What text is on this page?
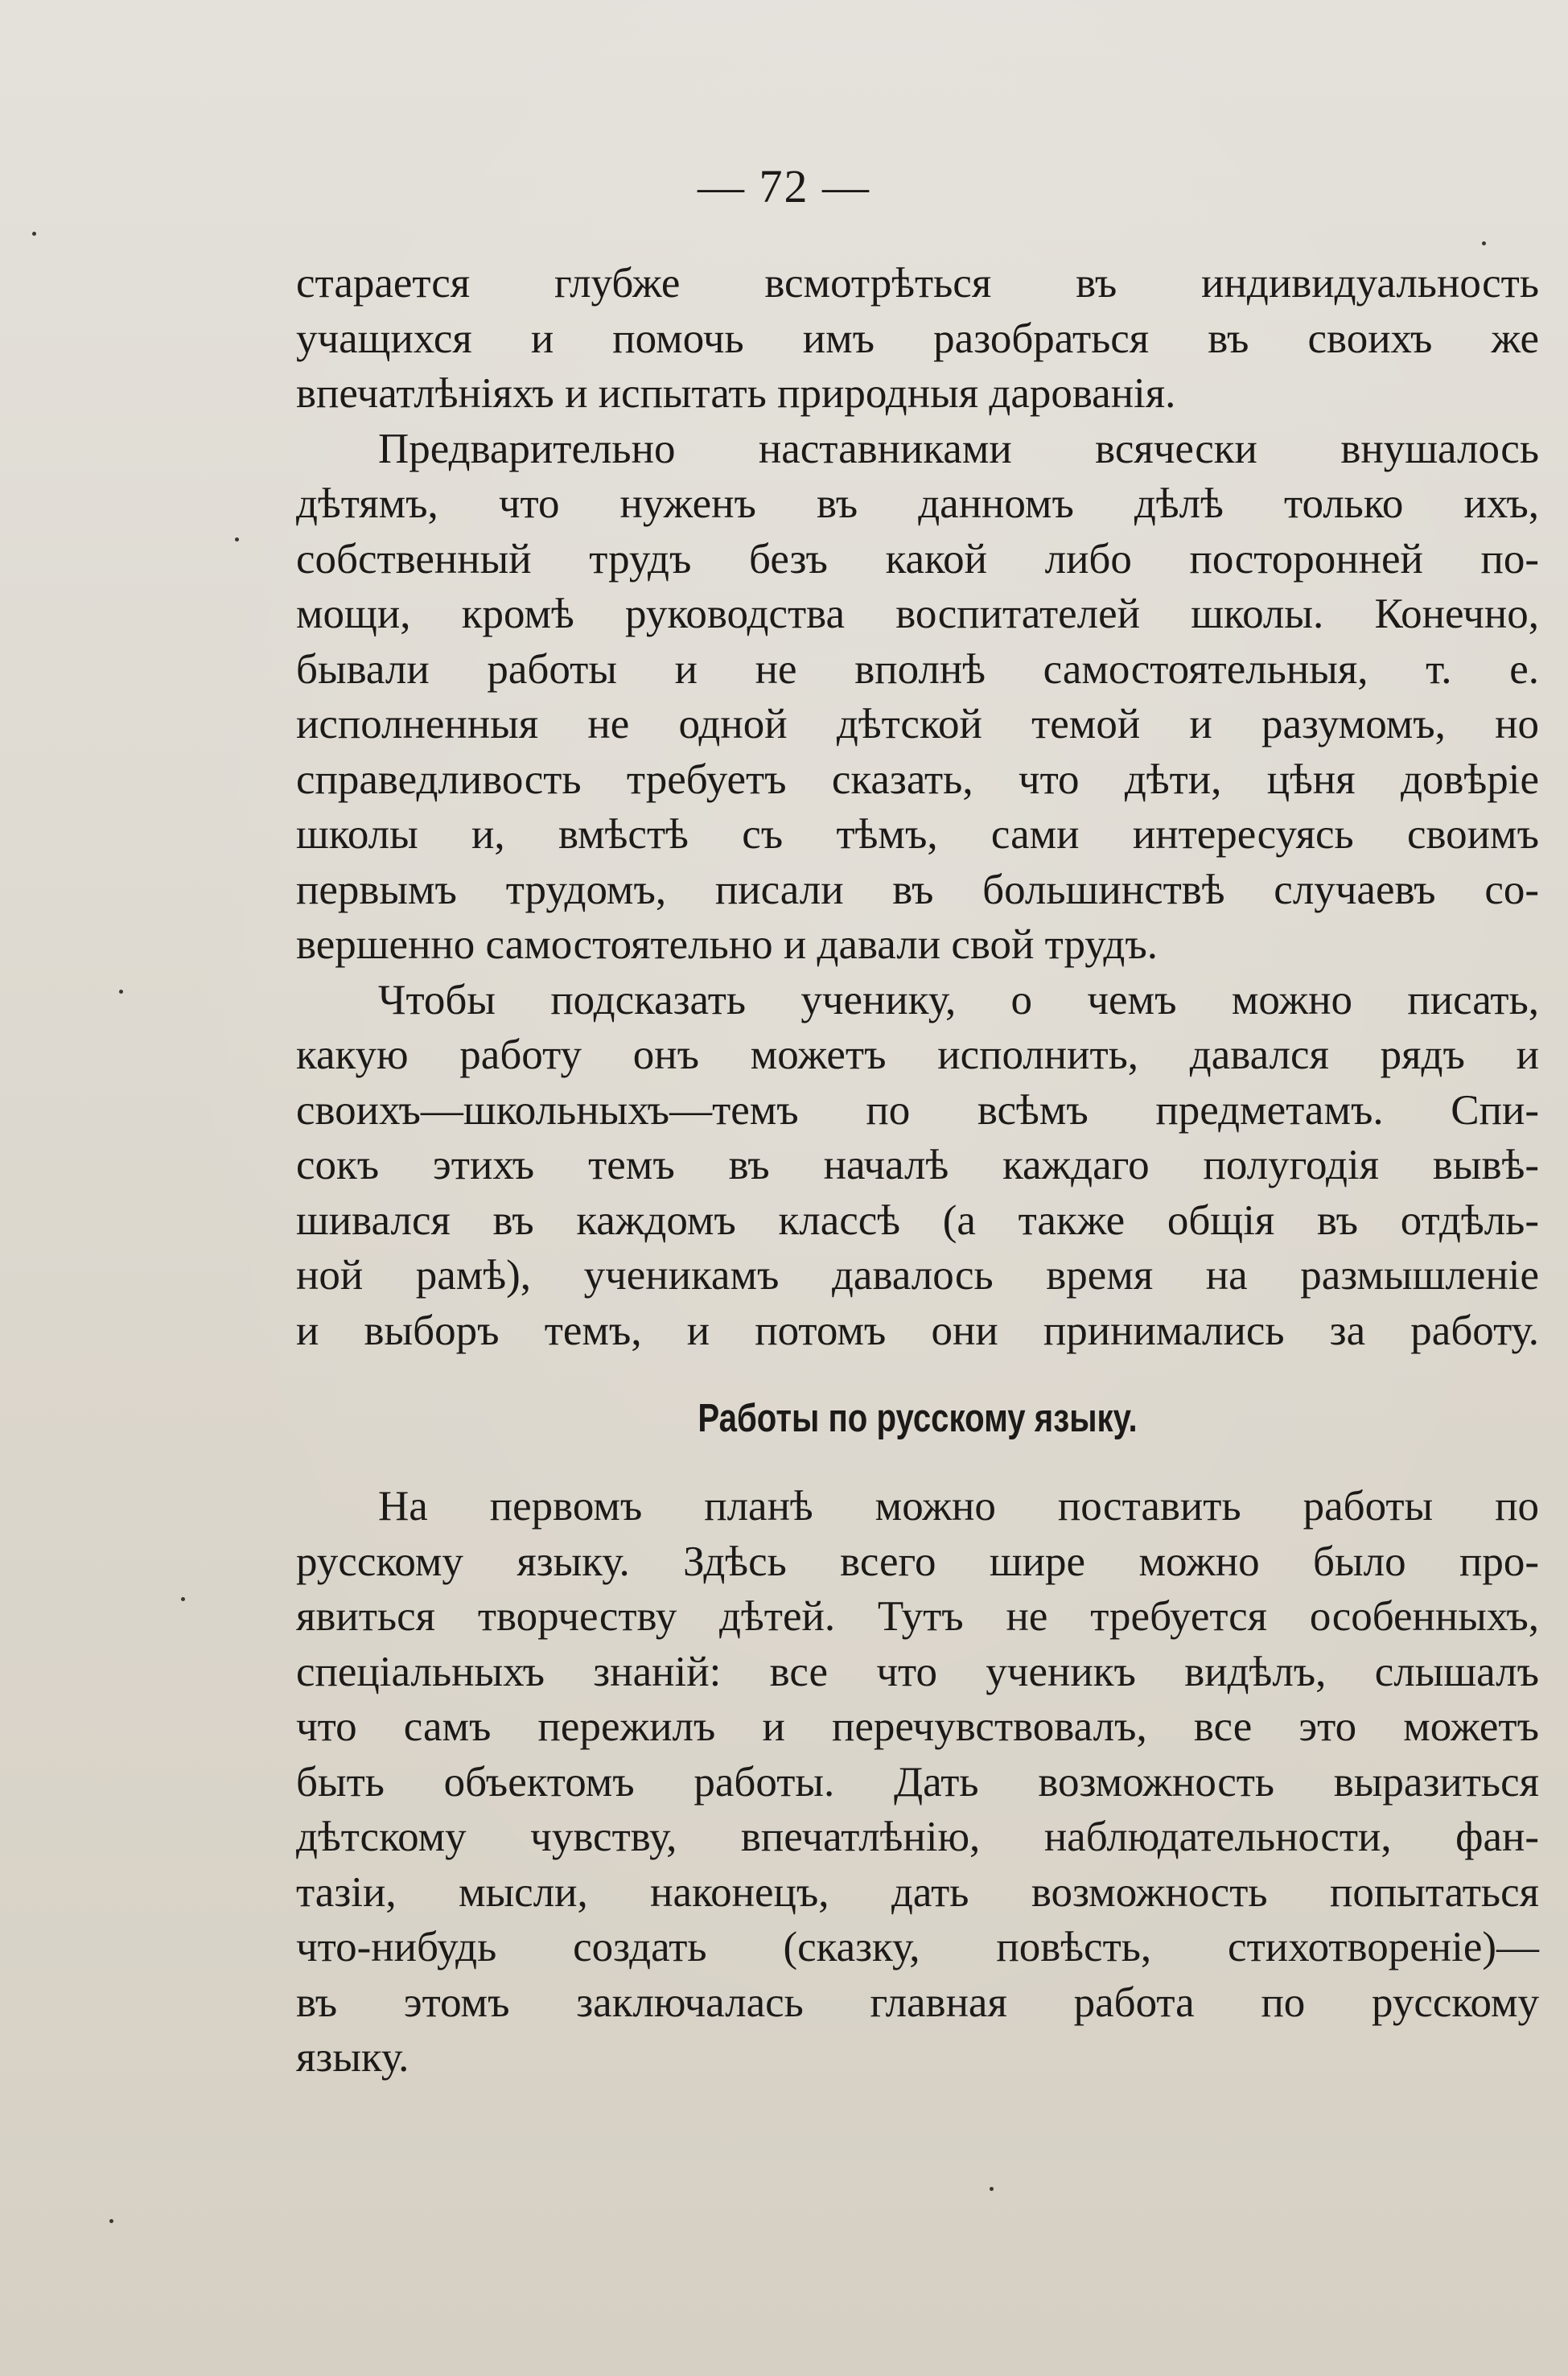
— 72 —
старается глубже всмотрѣться въ индивидуальность
учащихся и помочь имъ разобраться въ своихъ же
впечатлѣніяхъ и испытать природныя дарованія.
Предварительно наставниками всячески внушалось
дѣтямъ, что нуженъ въ данномъ дѣлѣ только ихъ,
собственный трудъ безъ какой либо посторонней по-
мощи, кромѣ руководства воспитателей школы. Конечно,
бывали работы и не вполнѣ самостоятельныя, т. е.
исполненныя не одной дѣтской темой и разумомъ, но
справедливость требуетъ сказать, что дѣти, цѣня довѣріе
школы и, вмѣстѣ съ тѣмъ, сами интересуясь своимъ
первымъ трудомъ, писали въ большинствѣ случаевъ со-
вершенно самостоятельно и давали свой трудъ.
Чтобы подсказать ученику, о чемъ можно писать,
какую работу онъ можетъ исполнить, давался рядъ и
своихъ—школьныхъ—темъ по всѣмъ предметамъ. Спи-
сокъ этихъ темъ въ началѣ каждаго полугодія вывѣ-
шивался въ каждомъ классѣ (а также общія въ отдѣль-
ной рамѣ), ученикамъ давалось время на размышленіе
и выборъ темъ, и потомъ они принимались за работу.
Работы по русскому языку.
На первомъ планѣ можно поставить работы по
русскому языку. Здѣсь всего шире можно было про-
явиться творчеству дѣтей. Тутъ не требуется особенныхъ,
спеціальныхъ знаній: все что ученикъ видѣлъ, слышалъ
что самъ пережилъ и перечувствовалъ, все это можетъ
быть объектомъ работы. Дать возможность выразиться
дѣтскому чувству, впечатлѣнію, наблюдательности, фан-
тазіи, мысли, наконецъ, дать возможность попытаться
что-нибудь создать (сказку, повѣсть, стихотвореніе)—
въ этомъ заключалась главная работа по русскому
языку.
